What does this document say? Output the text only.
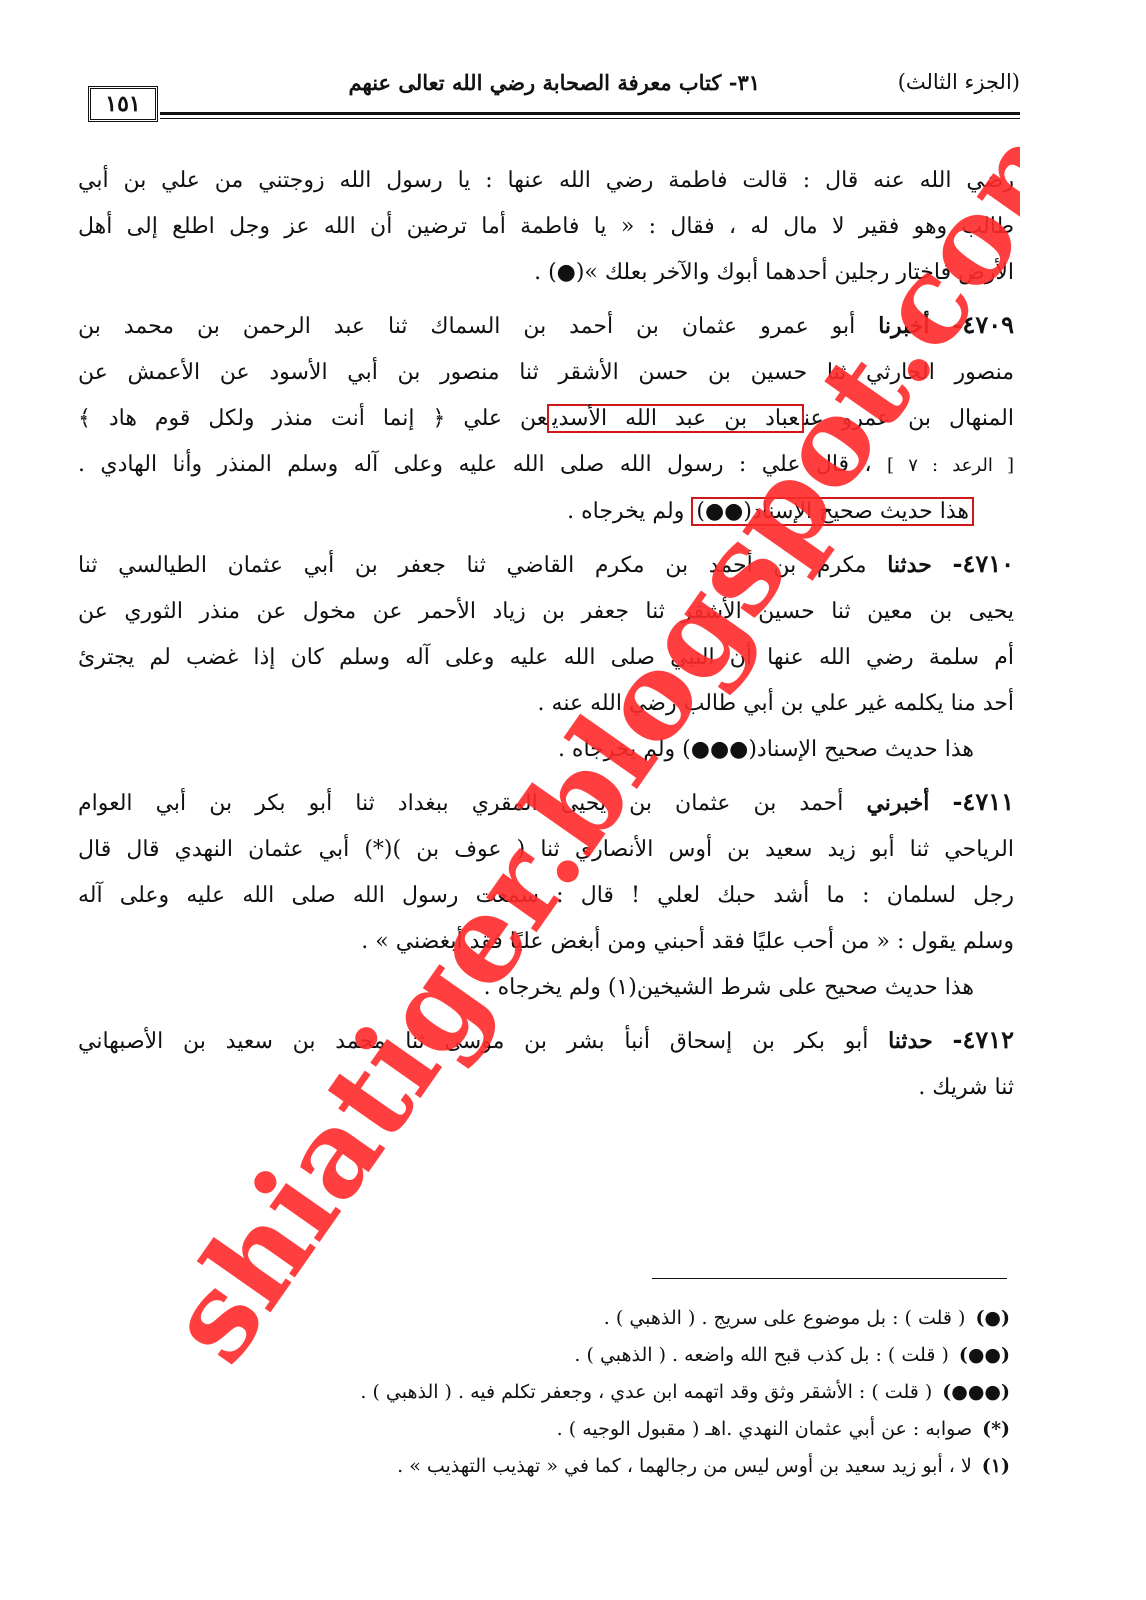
١٥١
٣١- كتاب معرفة الصحابة رضي الله تعالى عنهم	(الجزء الثالث)
رضي الله عنه قال : قالت فاطمة رضي الله عنها : يا رسول الله زوجتني من علي بن أبي
طالب وهو فقير لا مال له ، فقال : « يا فاطمة أما ترضين أن الله عز وجل اطلع إلى أهل
الأرض فاختار رجلين أحدهما أبوك والآخر بعلك »(●) .
٤٧٠٩- أخبرنا أبو عمرو عثمان بن أحمد بن السماك ثنا عبد الرحمن بن محمد بن
منصور الحارثي ثنا حسين بن حسن الأشقر ثنا منصور بن أبي الأسود عن الأعمش عن
المنهال بن عمرو عنعباد بن عبد الله الأسديعن علي ﴿ إنما أنت منذر ولكل قوم هاد ﴾
[ الرعد : ٧ ] ، قال علي : رسول الله صلى الله عليه وعلى آله وسلم المنذر وأنا الهادي .
هذا حديث صحيح الإسناد(●●) ولم يخرجاه .
٤٧١٠- حدثنا مكرم بن أحمد بن مكرم القاضي ثنا جعفر بن أبي عثمان الطيالسي ثنا
يحيى بن معين ثنا حسين الأشقر ثنا جعفر بن زياد الأحمر عن مخول عن منذر الثوري عن
أم سلمة رضي الله عنها أن النبي صلى الله عليه وعلى آله وسلم كان إذا غضب لم يجترئ
أحد منا يكلمه غير علي بن أبي طالب رضي الله عنه .
هذا حديث صحيح الإسناد(●●●) ولم يخرجاه .
٤٧١١- أخبرني أحمد بن عثمان بن يحيى المقري ببغداد ثنا أبو بكر بن أبي العوام
الرياحي ثنا أبو زيد سعيد بن أوس الأنصاري ثنا ( عوف بن )(*) أبي عثمان النهدي قال قال
رجل لسلمان : ما أشد حبك لعلي ! قال : سمعت رسول الله صلى الله عليه وعلى آله
وسلم يقول : « من أحب عليًا فقد أحبني ومن أبغض عليًا فقد أبغضني » .
هذا حديث صحيح على شرط الشيخين(١) ولم يخرجاه .
٤٧١٢- حدثنا أبو بكر بن إسحاق أنبأ بشر بن موسى ثنا محمد بن سعيد بن الأصبهاني
ثنا شريك .
(●)( قلت ) : بل موضوع على سريج . ( الذهبي ) .
(●●)( قلت ) : بل كذب قبح الله واضعه . ( الذهبي ) .
(●●●)( قلت ) : الأشقر وثق وقد اتهمه ابن عدي ، وجعفر تكلم فيه . ( الذهبي ) .
(*)صوابه : عن أبي عثمان النهدي .اهـ ( مقبول الوجيه ) .
(١)لا ، أبو زيد سعيد بن أوس ليس من رجالهما ، كما في « تهذيب التهذيب » .
shiatiger.blogspot.com
